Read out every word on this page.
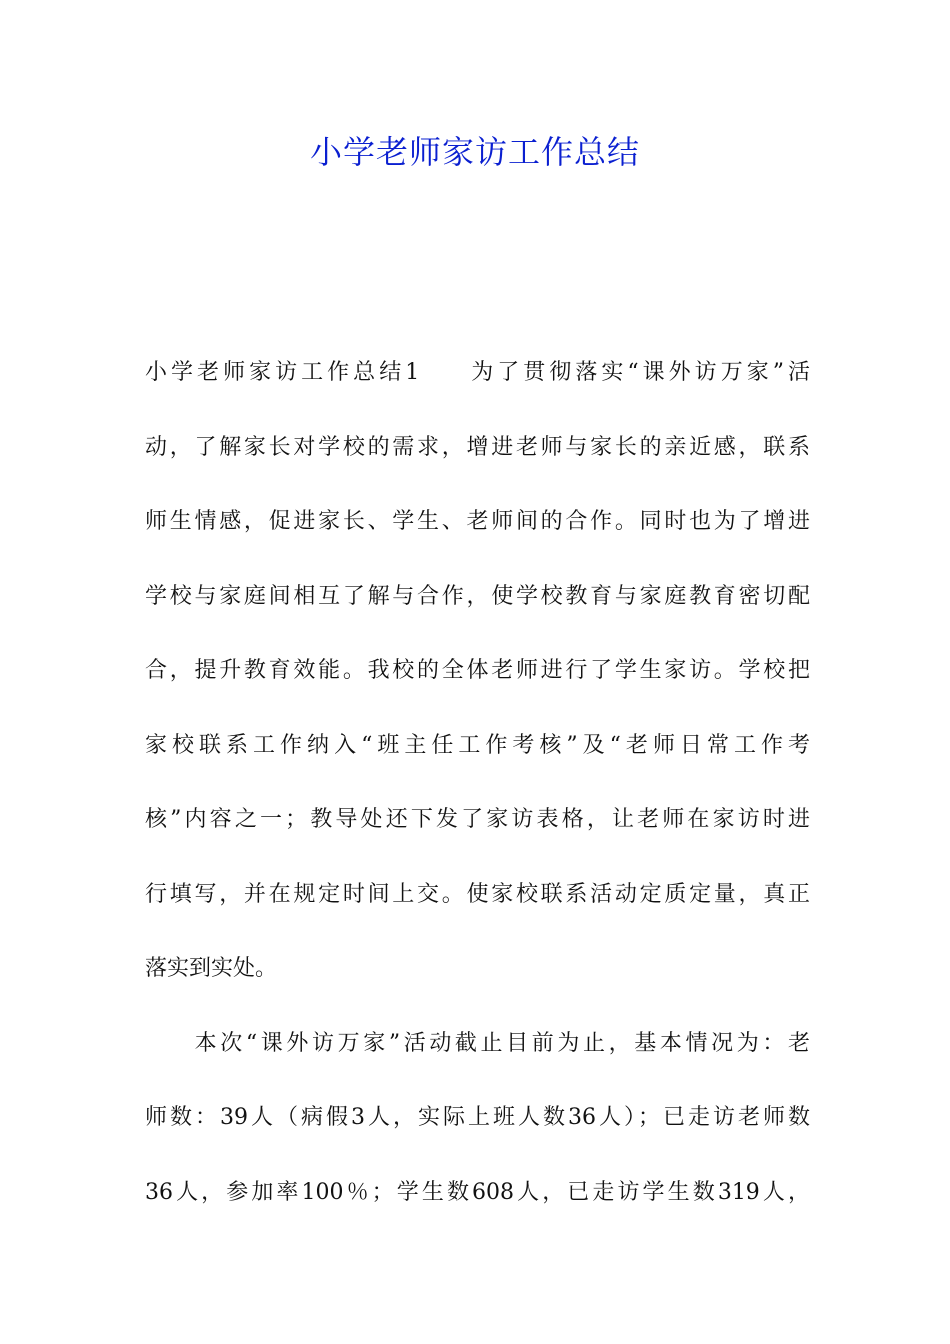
小学老师家访工作总结
小学老师家访工作总结1 为了贯彻落实“课外访万家”活
动，了解家长对学校的需求，增进老师与家长的亲近感，联系
师生情感，促进家长、学生、老师间的合作。同时也为了增进
学校与家庭间相互了解与合作，使学校教育与家庭教育密切配
合，提升教育效能。我校的全体老师进行了学生家访。学校把
家校联系工作纳入“班主任工作考核”及“老师日常工作考
核”内容之一；教导处还下发了家访表格，让老师在家访时进
行填写，并在规定时间上交。使家校联系活动定质定量，真正
落实到实处。
本次“课外访万家”活动截止目前为止，基本情况为：老
师数：39人（病假3人，实际上班人数36人）；已走访老师数
36人，参加率100％；学生数608人，已走访学生数319人，
